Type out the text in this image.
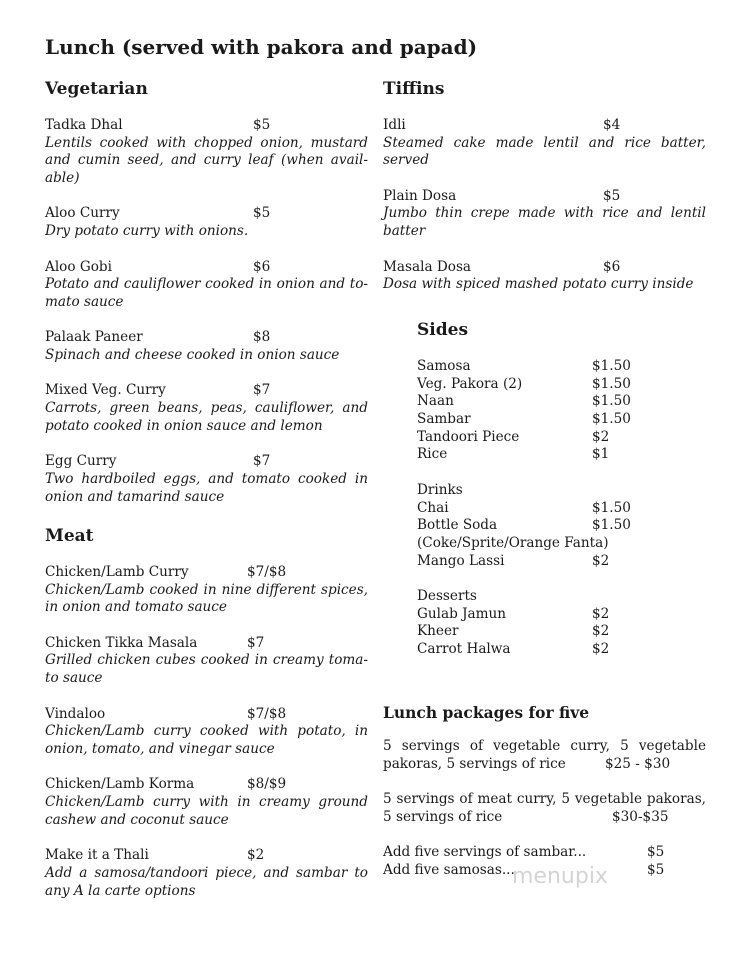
Lunch (served with pakora and papad)
Vegetarian
Tadka Dhal	$5
Lentils cooked with chopped onion, mustard and cumin seed, and curry leaf (when available)
Aloo Curry	$5
Dry potato curry with onions.
Aloo Gobi	$6
Potato and cauliflower cooked in onion and tomato sauce
Palaak Paneer	$8
Spinach and cheese cooked in onion sauce
Mixed Veg. Curry	$7
Carrots, green beans, peas, cauliflower, and potato cooked in onion sauce and lemon
Egg Curry	$7
Two hardboiled eggs, and tomato cooked in onion and tamarind sauce
Meat
Chicken/Lamb Curry	$7/$8
Chicken/Lamb cooked in nine different spices, in onion and tomato sauce
Chicken Tikka Masala	$7
Grilled chicken cubes cooked in creamy tomato sauce
Vindaloo	$7/$8
Chicken/Lamb curry cooked with potato, in onion, tomato, and vinegar sauce
Chicken/Lamb Korma	$8/$9
Chicken/Lamb curry with in creamy ground cashew and coconut sauce
Make it a Thali	$2
Add a samosa/tandoori piece, and sambar to any A la carte options
Tiffins
Idli	$4
Steamed cake made lentil and rice batter, served
Plain Dosa	$5
Jumbo thin crepe made with rice and lentil batter
Masala Dosa	$6
Dosa with spiced mashed potato curry inside
Sides
Samosa	$1.50
Veg. Pakora (2)	$1.50
Naan	$1.50
Sambar	$1.50
Tandoori Piece	$2
Rice	$1
Drinks
Chai	$1.50
Bottle Soda	$1.50
(Coke/Sprite/Orange Fanta)
Mango Lassi	$2
Desserts
Gulab Jamun	$2
Kheer	$2
Carrot Halwa	$2
Lunch packages for five
5 servings of vegetable curry, 5 vegetable
pakoras, 5 servings of rice	$25 - $30
5 servings of meat curry, 5 vegetable pakoras,
5 servings of rice	$30-$35
Add five servings of sambar...	$5
Add five samosas...	$5
menupix
